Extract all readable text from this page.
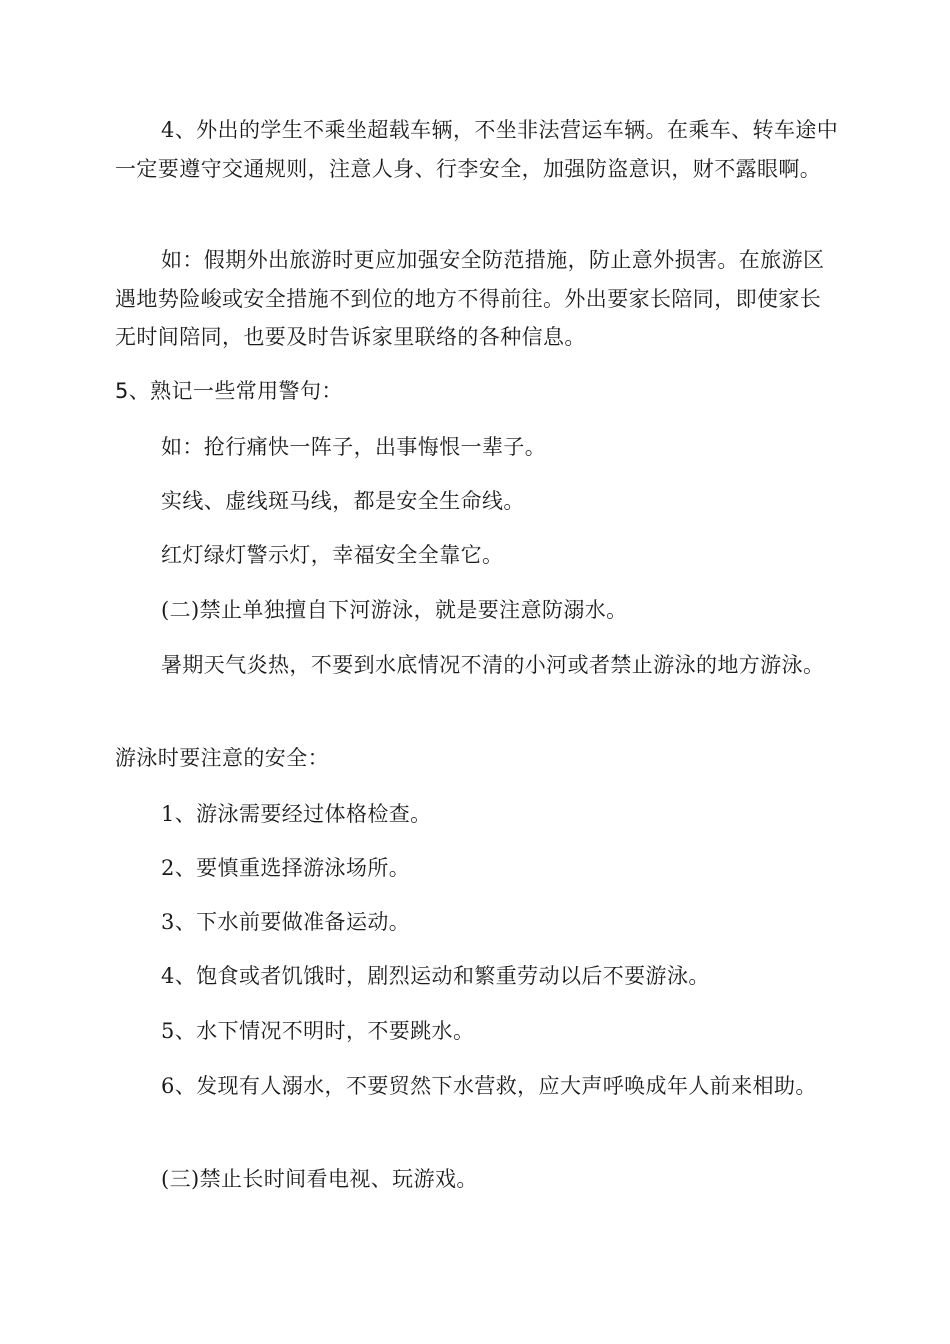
4、外出的学生不乘坐超载车辆，不坐非法营运车辆。在乘车、转车途中一定要遵守交通规则，注意人身、行李安全，加强防盗意识，财不露眼啊。

如：假期外出旅游时更应加强安全防范措施，防止意外损害。在旅游区遇地势险峻或安全措施不到位的地方不得前往。外出要家长陪同，即使家长无时间陪同，也要及时告诉家里联络的各种信息。

5、熟记一些常用警句：

如：抢行痛快一阵子，出事悔恨一辈子。

实线、虚线斑马线，都是安全生命线。

红灯绿灯警示灯，幸福安全全靠它。

(二)禁止单独擅自下河游泳，就是要注意防溺水。

暑期天气炎热，不要到水底情况不清的小河或者禁止游泳的地方游泳。

游泳时要注意的安全：

1、游泳需要经过体格检查。

2、要慎重选择游泳场所。

3、下水前要做准备运动。

4、饱食或者饥饿时，剧烈运动和繁重劳动以后不要游泳。

5、水下情况不明时，不要跳水。

6、发现有人溺水，不要贸然下水营救，应大声呼唤成年人前来相助。

(三)禁止长时间看电视、玩游戏。
